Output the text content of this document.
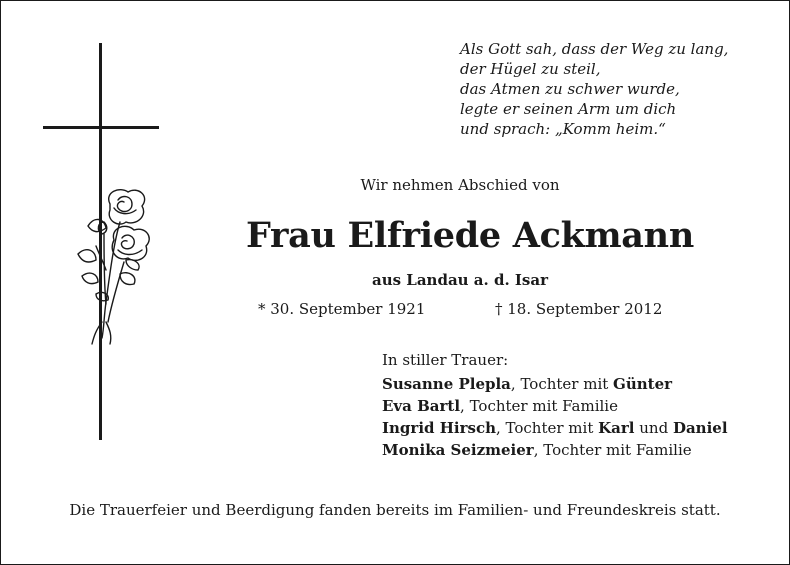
Als Gott sah, dass der Weg zu lang,
der Hügel zu steil,
das Atmen zu schwer wurde,
legte er seinen Arm um dich
und sprach: „Komm heim.“
Wir nehmen Abschied von
Frau Elfriede Ackmann
aus Landau a. d. Isar
* 30. September 1921	† 18. September 2012
In stiller Trauer:
Susanne Plepla, Tochter mit Günter
Eva Bartl, Tochter mit Familie
Ingrid Hirsch, Tochter mit Karl und Daniel
Monika Seizmeier, Tochter mit Familie
Die Trauerfeier und Beerdigung fanden bereits im Familien- und Freundeskreis statt.
